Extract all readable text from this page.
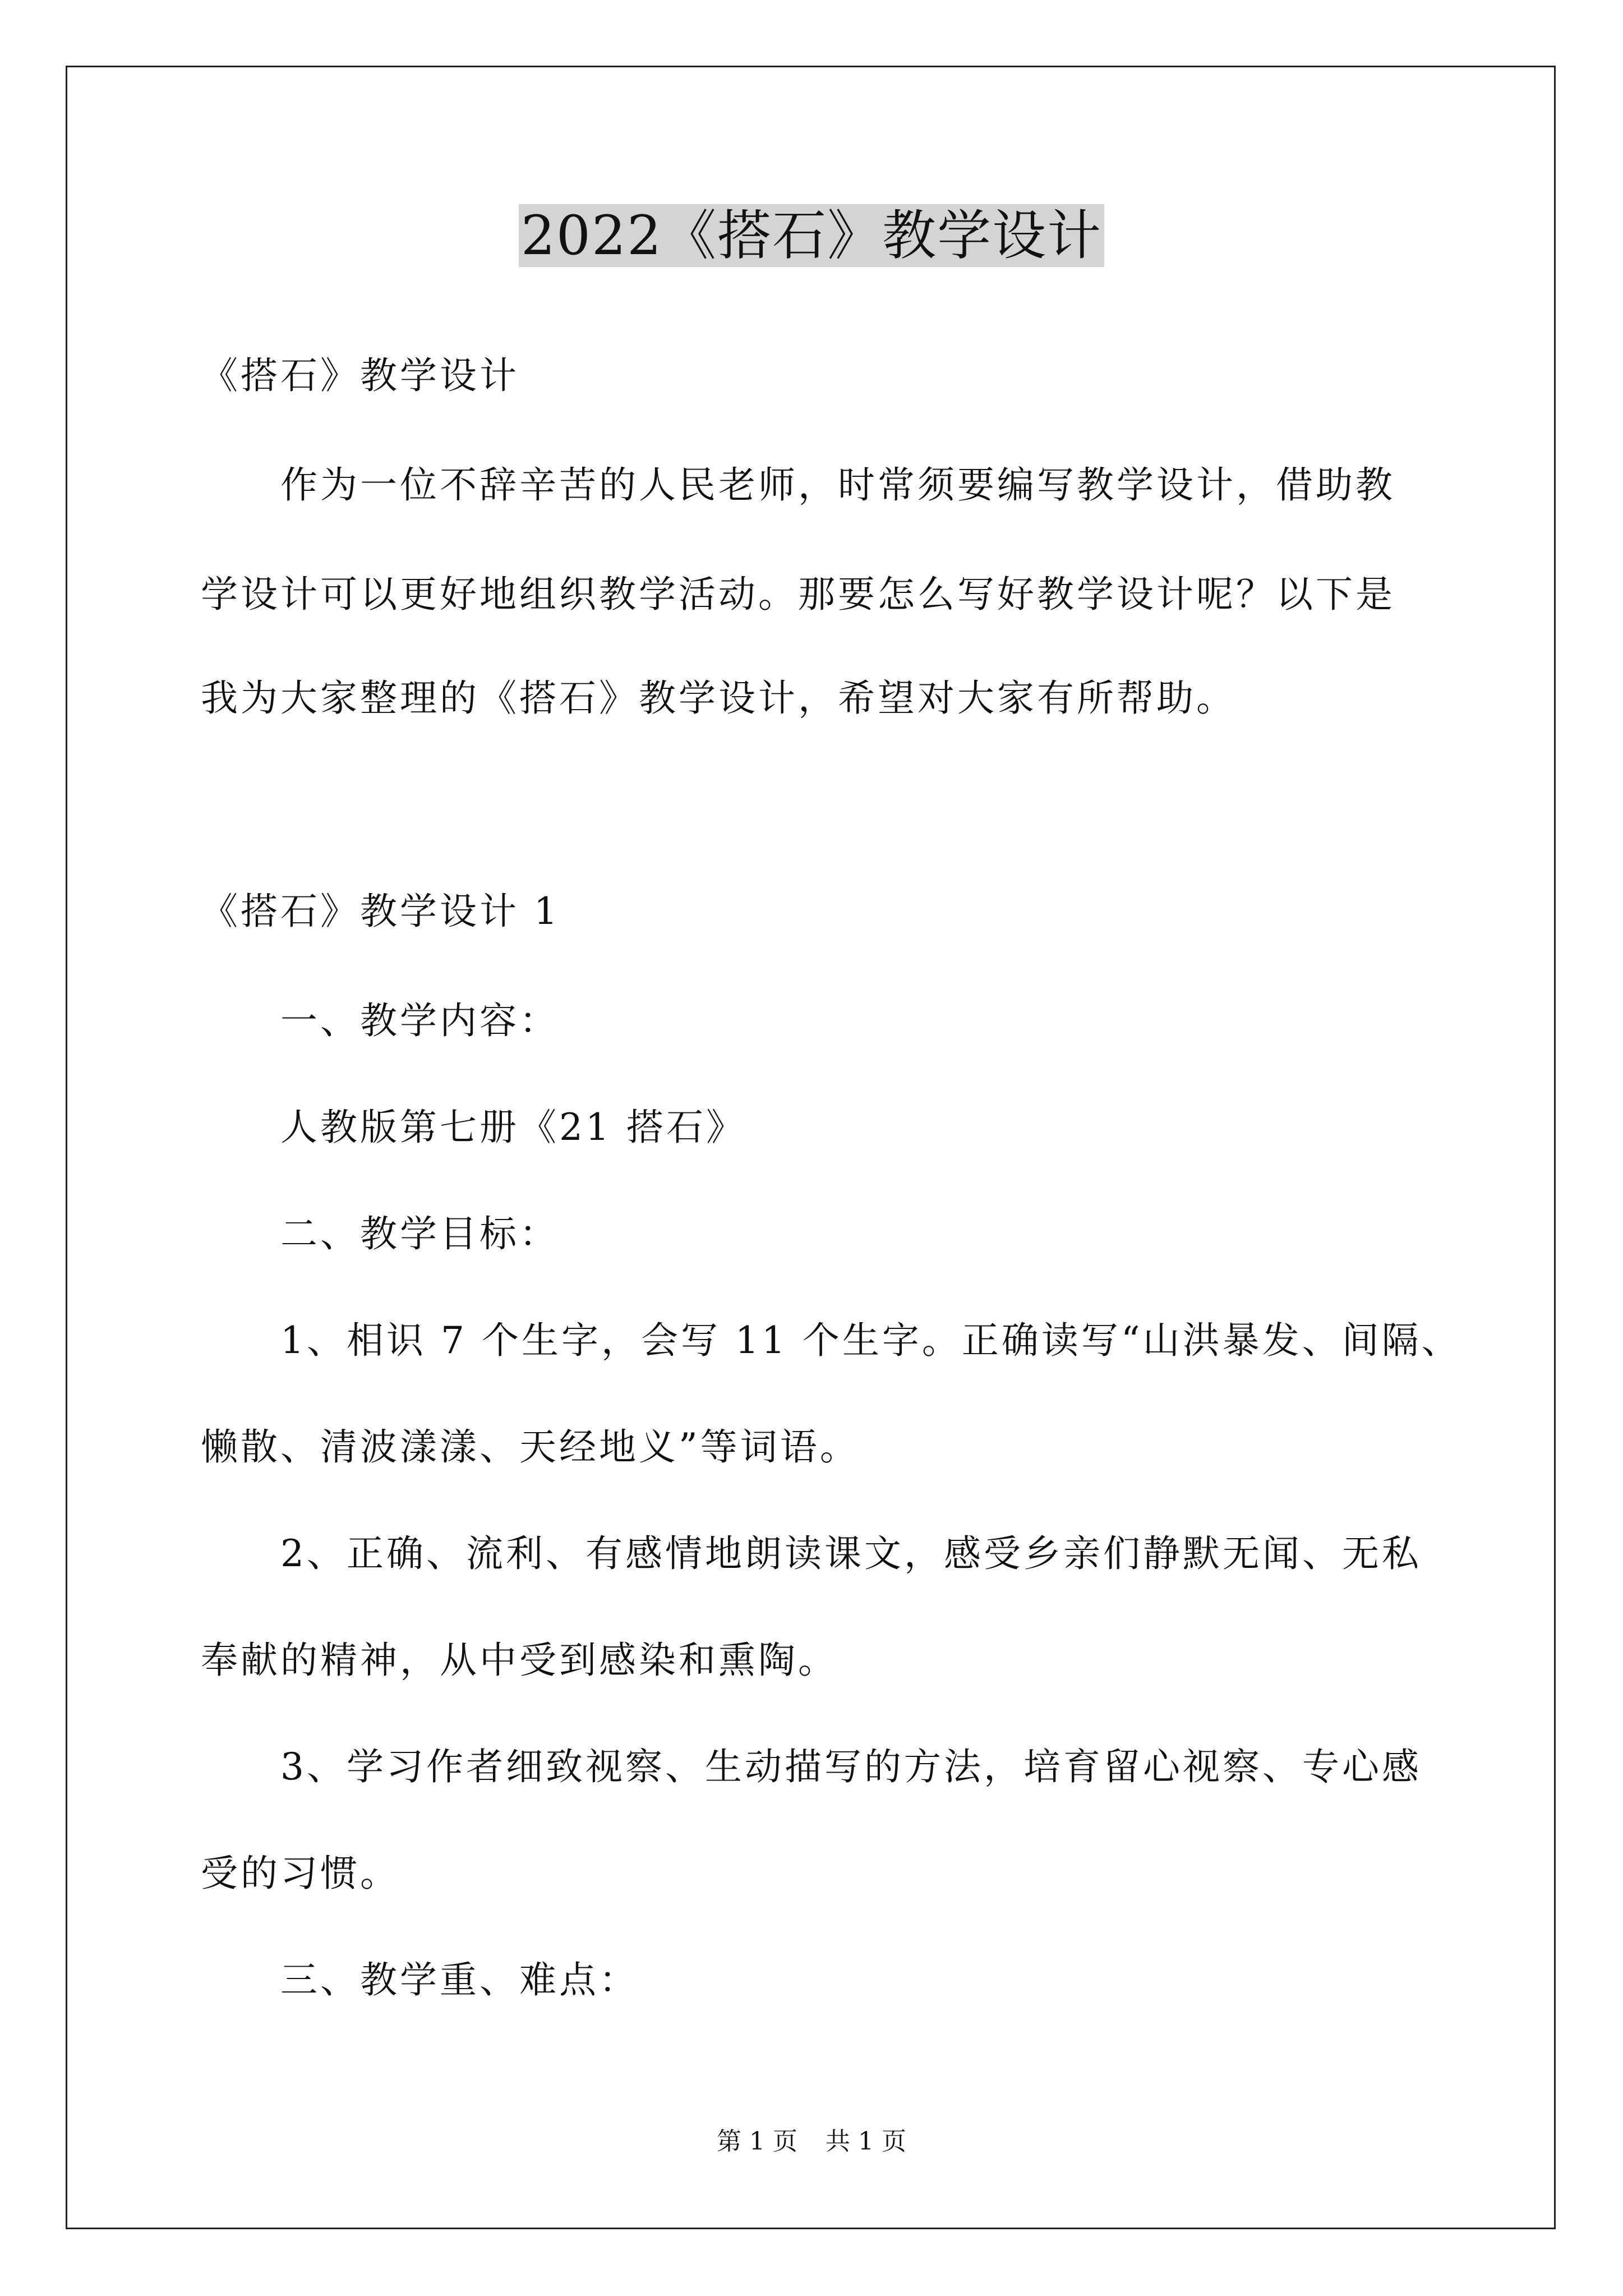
2022《搭石》教学设计
《搭石》教学设计
作为一位不辞辛苦的人民老师，时常须要编写教学设计，借助教
学设计可以更好地组织教学活动。那要怎么写好教学设计呢？以下是
我为大家整理的《搭石》教学设计，希望对大家有所帮助。
《搭石》教学设计 1
一、教学内容：
人教版第七册《21 搭石》
二、教学目标：
1、相识 7 个生字，会写 11 个生字。正确读写“山洪暴发、间隔、
懒散、清波漾漾、天经地义”等词语。
2、正确、流利、有感情地朗读课文，感受乡亲们静默无闻、无私
奉献的精神，从中受到感染和熏陶。
3、学习作者细致视察、生动描写的方法，培育留心视察、专心感
受的习惯。
三、教学重、难点：
第 1 页 共 1 页
